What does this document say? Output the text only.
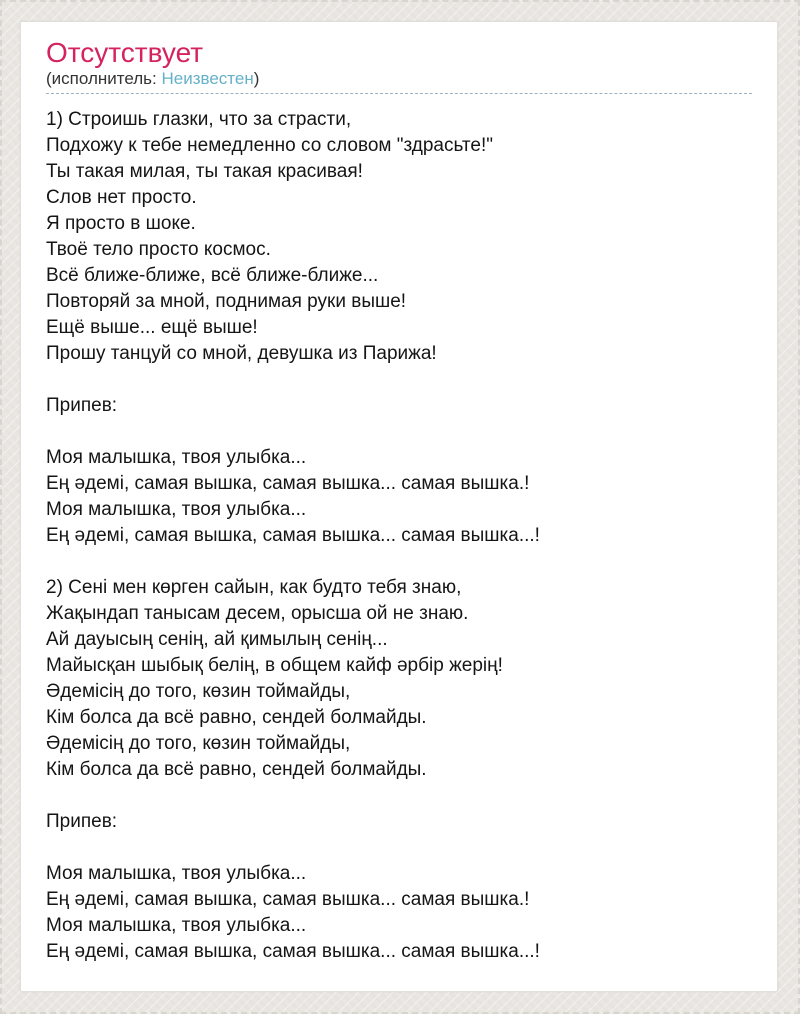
Отсутствует
(исполнитель: Неизвестен)
1) Строишь глазки, что за страсти,
Подхожу к тебе немедленно со словом "здрасьте!"
Ты такая милая, ты такая красивая!
Слов нет просто.
Я просто в шоке.
Твоё тело просто космос.
Всё ближе-ближе, всё ближе-ближе...
Повторяй за мной, поднимая руки выше!
Ещё выше... ещё выше!
Прошу танцуй со мной, девушка из Парижа!
Припев:
Моя малышка, твоя улыбка...
Ең әдемі, самая вышка, самая вышка... самая вышка.!
Моя малышка, твоя улыбка...
Ең әдемі, самая вышка, самая вышка... самая вышка...!
2) Сені мен көрген сайын, как будто тебя знаю,
Жақындап танысам десем, орысша ой не знаю.
Ай дауысың сенің, ай қимылың сенің...
Майысқан шыбық белің, в общем кайф әрбір жерің!
Әдемісің до того, көзин тоймайды,
Кім болса да всё равно, сендей болмайды.
Әдемісің до того, көзин тоймайды,
Кім болса да всё равно, сендей болмайды.
Припев:
Моя малышка, твоя улыбка...
Ең әдемі, самая вышка, самая вышка... самая вышка.!
Моя малышка, твоя улыбка...
Ең әдемі, самая вышка, самая вышка... самая вышка...!
